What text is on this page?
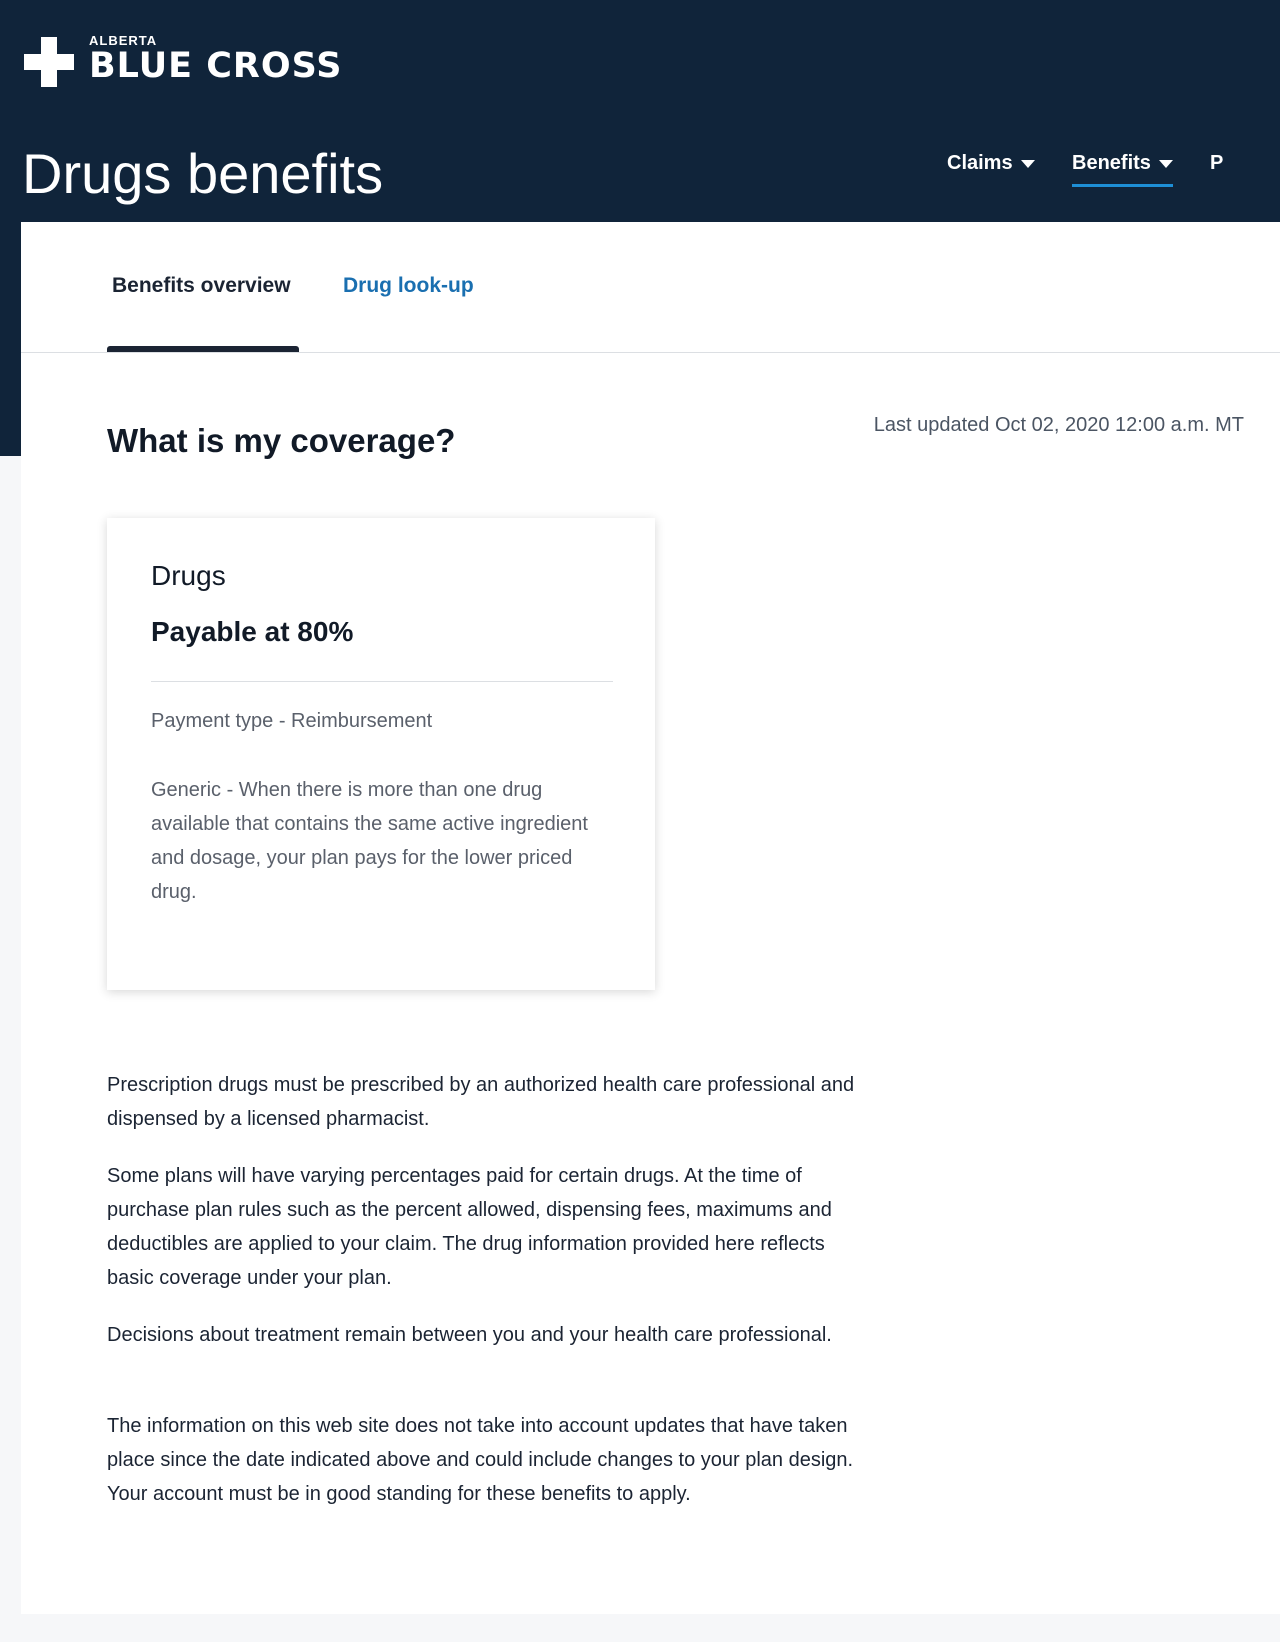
ALBERTA
BLUE CROSS
Drugs benefits	Claims	Benefits	P
Benefits overview Drug look-up
What is my coverage?	Last updated Oct 02, 2020 12:00 a.m. MT
Drugs
Payable at 80%

Payment type - Reimbursement

Generic - When there is more than one drug available that contains the same active ingredient and dosage, your plan pays for the lower priced drug.

Prescription drugs must be prescribed by an authorized health care professional and dispensed by a licensed pharmacist.

Some plans will have varying percentages paid for certain drugs. At the time of purchase plan rules such as the percent allowed, dispensing fees, maximums and deductibles are applied to your claim. The drug information provided here reflects basic coverage under your plan.

Decisions about treatment remain between you and your health care professional.

The information on this web site does not take into account updates that have taken place since the date indicated above and could include changes to your plan design. Your account must be in good standing for these benefits to apply.
